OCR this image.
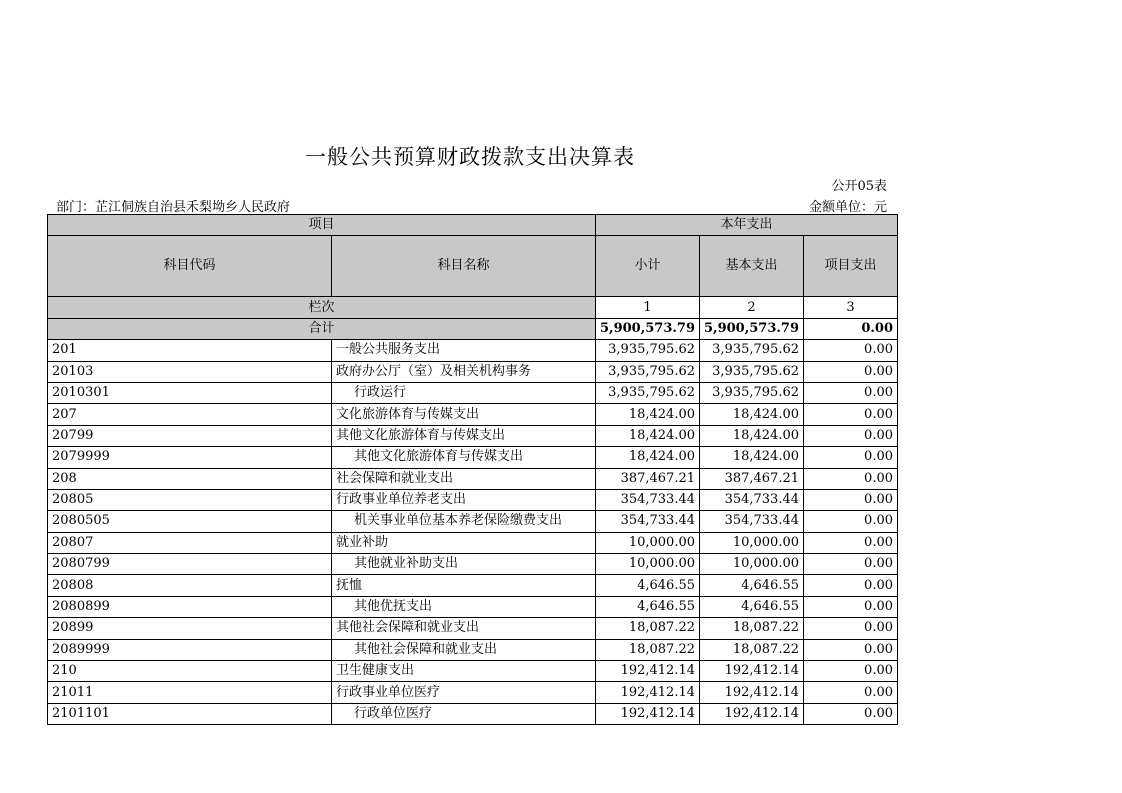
一般公共预算财政拨款支出决算表
公开05表
部门：芷江侗族自治县禾梨坳乡人民政府	金额单位：元
项目		本年支出		
科目代码	科目名称	小计	基本支出	项目支出
栏次		1	2	3
合计		5,900,573.79	5,900,573.79	0.00
201	一般公共服务支出	3,935,795.62	3,935,795.62	0.00
20103	政府办公厅（室）及相关机构事务	3,935,795.62	3,935,795.62	0.00
2010301	行政运行	3,935,795.62	3,935,795.62	0.00
207	文化旅游体育与传媒支出	18,424.00	18,424.00	0.00
20799	其他文化旅游体育与传媒支出	18,424.00	18,424.00	0.00
2079999	其他文化旅游体育与传媒支出	18,424.00	18,424.00	0.00
208	社会保障和就业支出	387,467.21	387,467.21	0.00
20805	行政事业单位养老支出	354,733.44	354,733.44	0.00
2080505	机关事业单位基本养老保险缴费支出	354,733.44	354,733.44	0.00
20807	就业补助	10,000.00	10,000.00	0.00
2080799	其他就业补助支出	10,000.00	10,000.00	0.00
20808	抚恤	4,646.55	4,646.55	0.00
2080899	其他优抚支出	4,646.55	4,646.55	0.00
20899	其他社会保障和就业支出	18,087.22	18,087.22	0.00
2089999	其他社会保障和就业支出	18,087.22	18,087.22	0.00
210	卫生健康支出	192,412.14	192,412.14	0.00
21011	行政事业单位医疗	192,412.14	192,412.14	0.00
2101101	行政单位医疗	192,412.14	192,412.14	0.00
